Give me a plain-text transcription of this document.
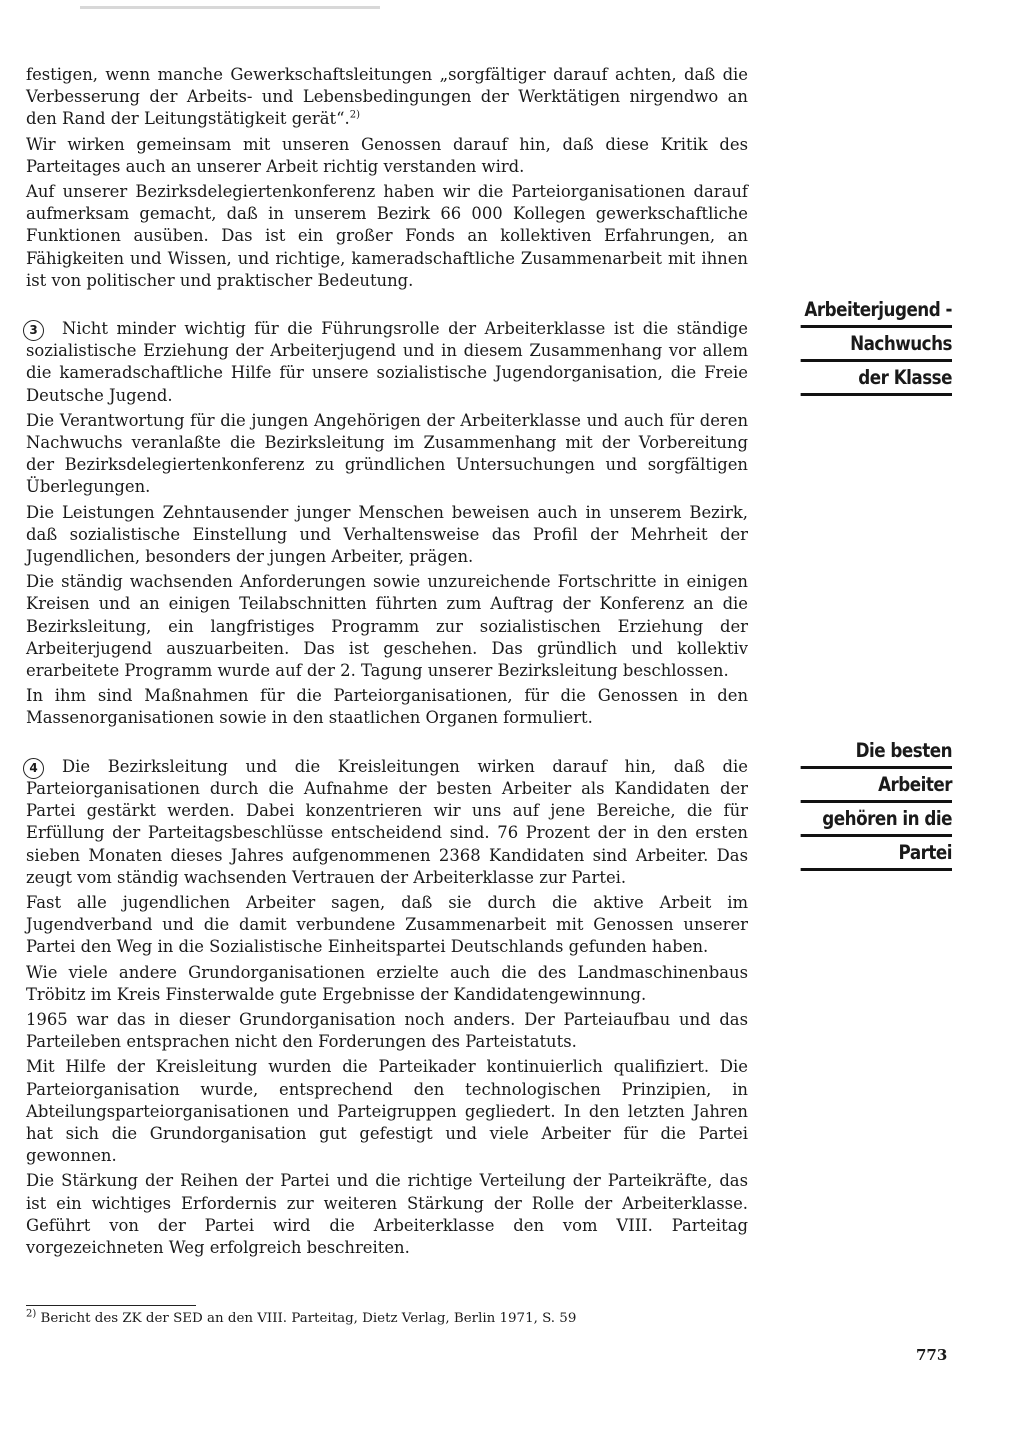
festigen, wenn manche Gewerkschaftsleitungen „sorgfältiger darauf achten, daß die Verbesserung der Arbeits- und Lebensbedingungen der Werktätigen nirgendwo an den Rand der Leitungstätigkeit gerät“.$^{2)}$

Wir wirken gemeinsam mit unseren Genossen darauf hin, daß diese Kritik des Parteitages auch an unserer Arbeit richtig verstanden wird.

Auf unserer Bezirksdelegiertenkonferenz haben wir die Parteiorganisationen darauf aufmerksam gemacht, daß in unserem Bezirk 66 000 Kollegen gewerkschaftliche Funktionen ausüben. Das ist ein großer Fonds an kollektiven Erfahrungen, an Fähigkeiten und Wissen, und richtige, kameradschaftliche Zusammenarbeit mit ihnen ist von politischer und praktischer Bedeutung.

3	Nicht minder wichtig für die Führungsrolle der Arbeiterklasse ist die ständige sozialistische Erziehung der Arbeiterjugend und in diesem Zusammenhang vor allem die kameradschaftliche Hilfe für unsere sozialistische Jugendorganisation, die Freie Deutsche Jugend.

Die Verantwortung für die jungen Angehörigen der Arbeiterklasse und auch für deren Nachwuchs veranlaßte die Bezirksleitung im Zusammenhang mit der Vorbereitung der Bezirksdelegiertenkonferenz zu gründlichen Untersuchungen und sorgfältigen Überlegungen.

Die Leistungen Zehntausender junger Menschen beweisen auch in unserem Bezirk, daß sozialistische Einstellung und Verhaltensweise das Profil der Mehrheit der Jugendlichen, besonders der jungen Arbeiter, prägen.

Die ständig wachsenden Anforderungen sowie unzureichende Fortschritte in einigen Kreisen und an einigen Teilabschnitten führten zum Auftrag der Konferenz an die Bezirksleitung, ein langfristiges Programm zur sozialistischen Erziehung der Arbeiterjugend auszuarbeiten. Das ist geschehen. Das gründlich und kollektiv erarbeitete Programm wurde auf der 2. Tagung unserer Bezirksleitung beschlossen.

In ihm sind Maßnahmen für die Parteiorganisationen, für die Genossen in den Massenorganisationen sowie in den staatlichen Organen formuliert.

4	Die Bezirksleitung und die Kreisleitungen wirken darauf hin, daß die Parteiorganisationen durch die Aufnahme der besten Arbeiter als Kandidaten der Partei gestärkt werden. Dabei konzentrieren wir uns auf jene Bereiche, die für Erfüllung der Parteitagsbeschlüsse entscheidend sind. 76 Prozent der in den ersten sieben Monaten dieses Jahres aufgenommenen 2368 Kandidaten sind Arbeiter. Das zeugt vom ständig wachsenden Vertrauen der Arbeiterklasse zur Partei.

Fast alle jugendlichen Arbeiter sagen, daß sie durch die aktive Arbeit im Jugendverband und die damit verbundene Zusammenarbeit mit Genossen unserer Partei den Weg in die Sozialistische Einheitspartei Deutschlands gefunden haben.

Wie viele andere Grundorganisationen erzielte auch die des Landmaschinenbaus Tröbitz im Kreis Finsterwalde gute Ergebnisse der Kandidatengewinnung.

1965 war das in dieser Grundorganisation noch anders. Der Parteiaufbau und das Parteileben entsprachen nicht den Forderungen des Parteistatuts.

Mit Hilfe der Kreisleitung wurden die Parteikader kontinuierlich qualifiziert. Die Parteiorganisation wurde, entsprechend den technologischen Prinzipien, in Abteilungsparteiorganisationen und Parteigruppen gegliedert. In den letzten Jahren hat sich die Grundorganisation gut gefestigt und viele Arbeiter für die Partei gewonnen.

Die Stärkung der Reihen der Partei und die richtige Verteilung der Parteikräfte, das ist ein wichtiges Erfordernis zur weiteren Stärkung der Rolle der Arbeiterklasse. Geführt von der Partei wird die Arbeiterklasse den vom VIII. Parteitag vorgezeichneten Weg erfolgreich beschreiten.

Arbeiterjugend -
Nachwuchs
der Klasse
Die besten
Arbeiter
gehören in die
Partei
$^{2)}$ Bericht des ZK der SED an den VIII. Parteitag, Dietz Verlag, Berlin 1971, S. 59
773
